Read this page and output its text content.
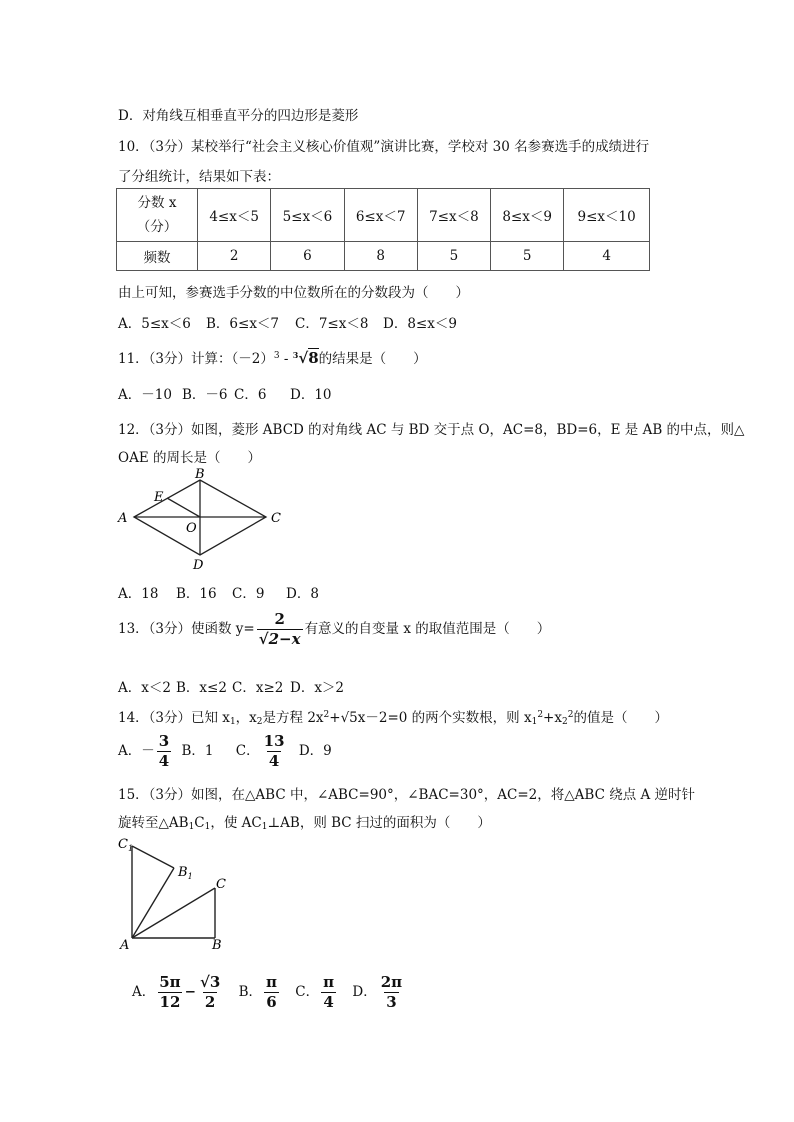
D．对角线互相垂直平分的四边形是菱形
10．（3分）某校举行“社会主义核心价值观”演讲比赛，学校对 30 名参赛选手的成绩进行
了分组统计，结果如下表：
分数 x
（分）	4≤x＜5	5≤x＜6	6≤x＜7	7≤x＜8	8≤x＜9	9≤x＜10
频数	2	6	8	5	5	4
由上可知，参赛选手分数的中位数所在的分数段为（　　）
A．5≤x＜6 B．6≤x＜7 C．7≤x＜8 D．8≤x＜9
11．（3分）计算：$(-2)^3 - ^3√8$的结果是（　　）
A．－10 B．－6 C．6 D．10
12．（3分）如图，菱形 ABCD 的对角线 AC 与 BD 交于点 O，AC=8，BD=6，E 是 AB 的中点，则△
OAE 的周长是（　　）
A
B
C
D
E
O
A．18 B．16 C．9 D．8
13．（3分）使函数 $y= \frac{2}{√2-x}$ 有意义的自变量 x 的取值范围是（　　）
A．x＜2 B．x≤2 C．x≥2 D．x＞2
14．（3分）已知 $x_1$，$x_2$是方程 $2x^2+√5x-2=0$ 的两个实数根，则 $x_1^2+x_2^2$的值是（　　）
A．－ $\frac{3}{4}$ B．1 C． $\frac{13}{4}$ D．9
15．（3分）如图，在△ABC 中，∠ABC=90°，∠BAC=30°，AC=2，将△ABC 绕点 A 逆时针
旋转至$\triangle AB_1C_1$，使 $AC_1\perp AB$，则 BC 扫过的面积为（　　）
$C_1$
$B_1$
C
A	B
A． $\frac{5\pi}{12} - \frac{√3}{2}$ B． $\frac{\pi}{6}$ C． $\frac{\pi}{4}$ D． $\frac{2\pi}{3}$
